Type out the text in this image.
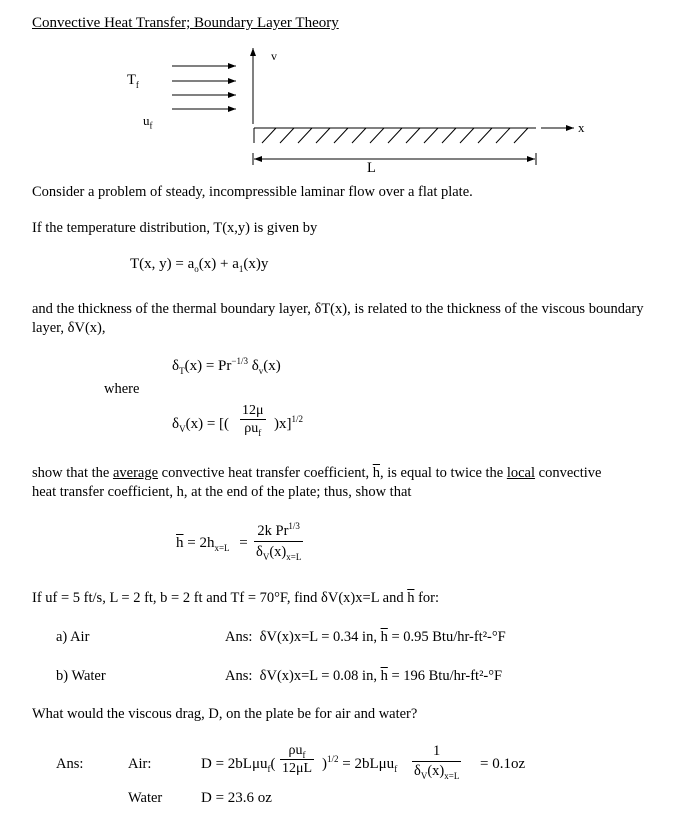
Convective Heat Transfer; Boundary Layer Theory
$T_f$
$u_f$
v
x
L
Consider a problem of steady, incompressible laminar flow over a flat plate.
If the temperature distribution, T(x,y) is given by
T(x, $y) = a_o(x) + a_1(x)y$
and the thickness of the thermal boundary layer, δT(x), is related to the thickness of the viscous boundary layer, δV(x),
$\delta_T(x) = Pr^{-1/3}$ $\delta_v(x)$
where
$\delta_V(x)$ = [(
12μ
$\rho u_f$
)x]$^{1/2}$
show that the average convective heat transfer coefficient, $\overline{h}$, is equal to twice the local convective
heat transfer coefficient, h, at the end of the plate; thus, show that
$\overline{h} = 2h_{x=L} = \frac{2k Pr^{1/3}}{\delta_V(x)_{x=L}}$
If uf = 5 ft/s, L = 2 ft, b = 2 ft and Tf = 70°F, find δV(x)x=L and $\overline{h}$ for:
a) Air	Ans: δV(x)x=L = 0.34 in, $\overline{h} = 0.95$ Btu/hr-ft²-°F
b) Water	Ans: δV(x)x=L = 0.08 in, $\overline{h} = 196$ Btu/hr-ft²-°F
What would the viscous drag, D, on the plate be for air and water?
Ans:	Air:	D = 2bLμu$_f$(
$\rho u_f$
12μL )$^{1/2} = 2bL\mu u_f \frac{1}{\delta_V(x)_{x=L}} = 0.1oz$
Water	D = 23.6 oz
